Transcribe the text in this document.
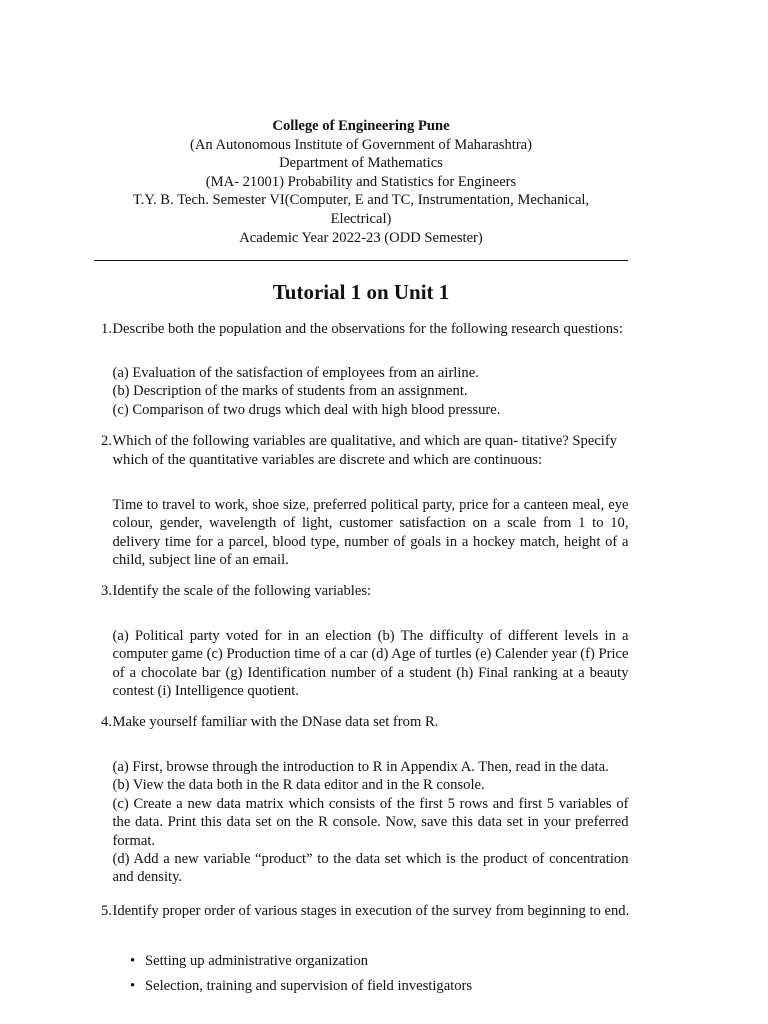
College of Engineering Pune
(An Autonomous Institute of Government of Maharashtra)
Department of Mathematics
(MA- 21001) Probability and Statistics for Engineers
T.Y. B. Tech. Semester VI(Computer, E and TC, Instrumentation, Mechanical,
Electrical)
Academic Year 2022-23 (ODD Semester)
Tutorial 1 on Unit 1
1. Describe both the population and the observations for the following research questions:
(a) Evaluation of the satisfaction of employees from an airline.
(b) Description of the marks of students from an assignment.
(c) Comparison of two drugs which deal with high blood pressure.
2. Which of the following variables are qualitative, and which are quan- titative? Specify which of the quantitative variables are discrete and which are continuous:
Time to travel to work, shoe size, preferred political party, price for a canteen meal, eye colour, gender, wavelength of light, customer satisfaction on a scale from 1 to 10, delivery time for a parcel, blood type, number of goals in a hockey match, height of a child, subject line of an email.
3. Identify the scale of the following variables:
(a) Political party voted for in an election (b) The difficulty of different levels in a computer game (c) Production time of a car (d) Age of turtles (e) Calender year (f) Price of a chocolate bar (g) Identification number of a student (h) Final ranking at a beauty contest (i) Intelligence quotient.
4. Make yourself familiar with the DNase data set from R.
(a) First, browse through the introduction to R in Appendix A. Then, read in the data.
(b) View the data both in the R data editor and in the R console.
(c) Create a new data matrix which consists of the first 5 rows and first 5 variables of the data. Print this data set on the R console. Now, save this data set in your preferred format.
(d) Add a new variable “product” to the data set which is the product of concentration and density.
5. Identify proper order of various stages in execution of the survey from beginning to end.
• Setting up administrative organization
• Selection, training and supervision of field investigators
